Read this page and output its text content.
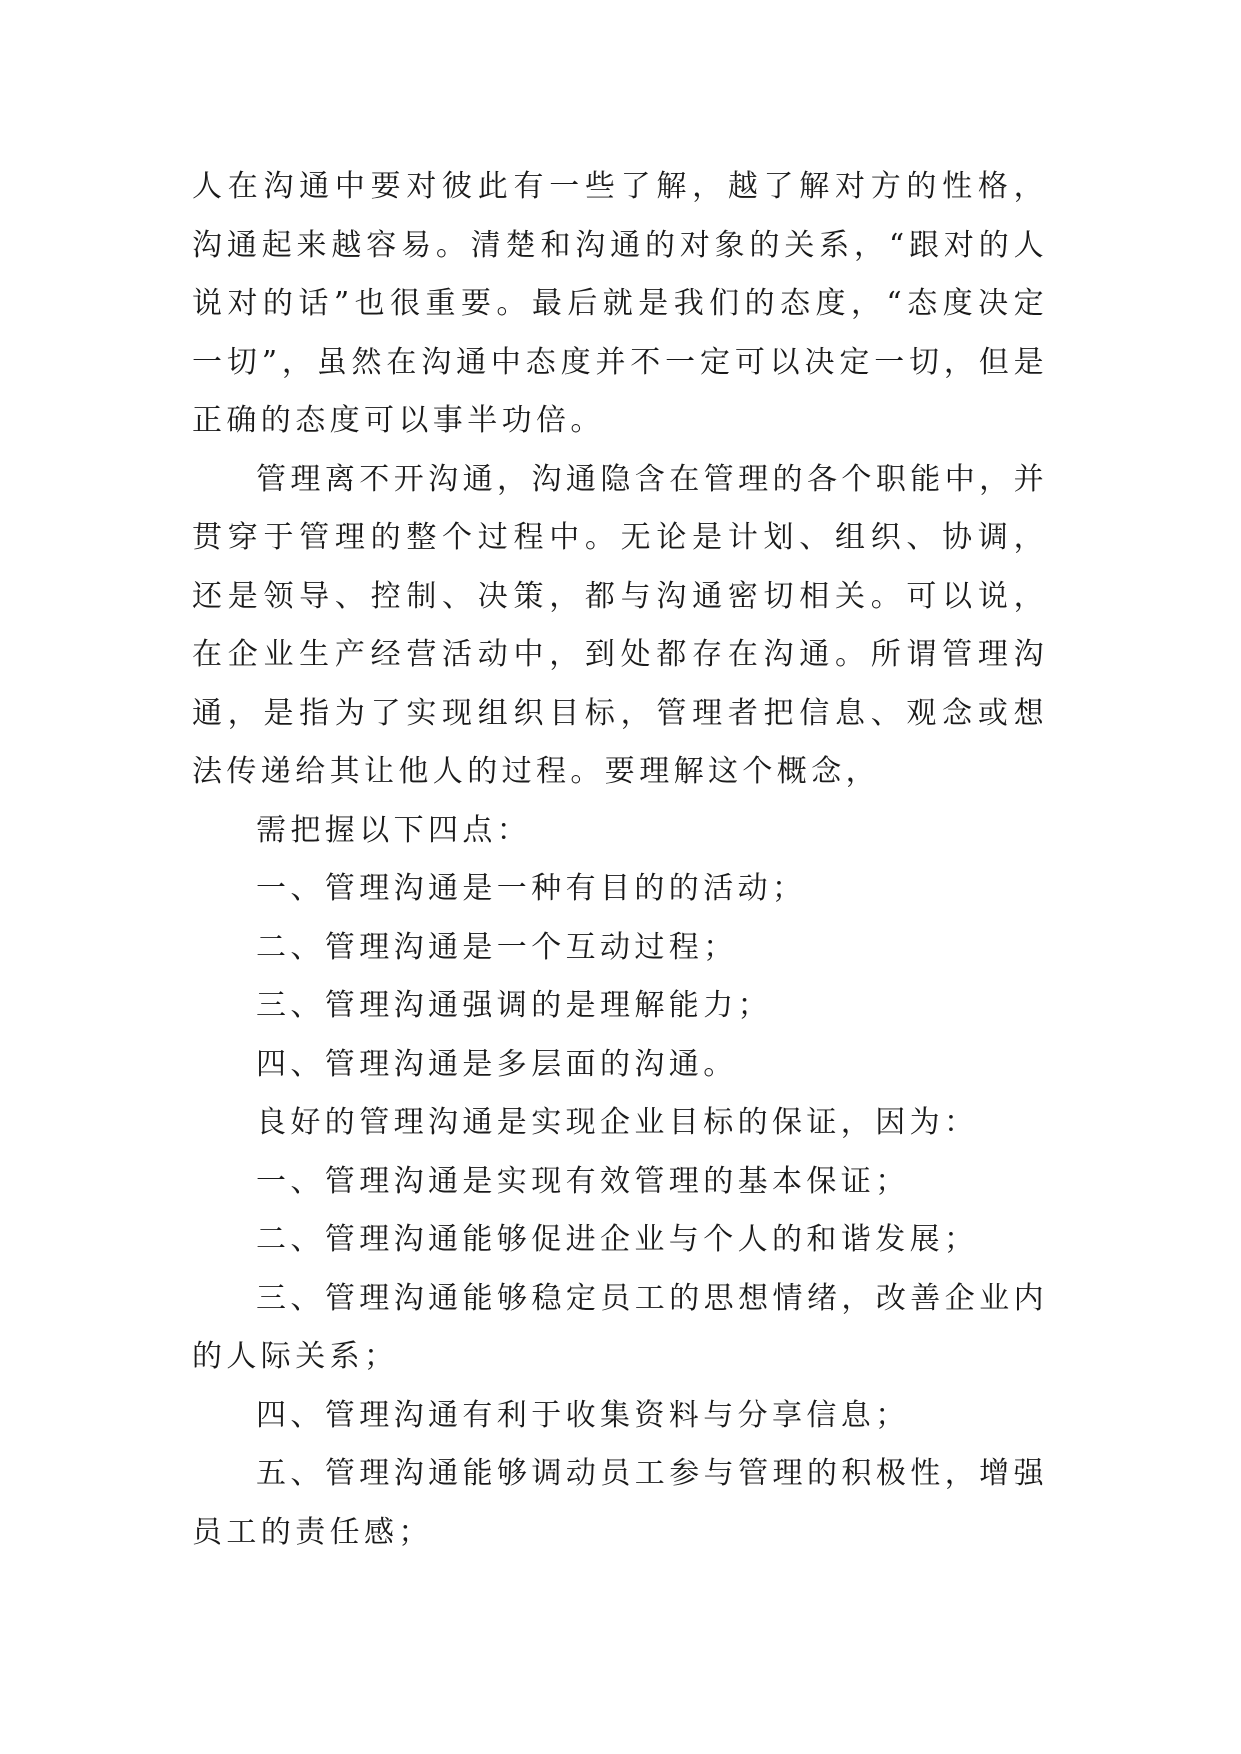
人在沟通中要对彼此有一些了解，越了解对方的性格，沟通起来越容易。清楚和沟通的对象的关系，“跟对的人说对的话”也很重要。最后就是我们的态度，“态度决定一切”，虽然在沟通中态度并不一定可以决定一切，但是正确的态度可以事半功倍。

管理离不开沟通，沟通隐含在管理的各个职能中，并贯穿于管理的整个过程中。无论是计划、组织、协调，还是领导、控制、决策，都与沟通密切相关。可以说，在企业生产经营活动中，到处都存在沟通。所谓管理沟通，是指为了实现组织目标，管理者把信息、观念或想法传递给其让他人的过程。要理解这个概念，

需把握以下四点：

一、管理沟通是一种有目的的活动；

二、管理沟通是一个互动过程；

三、管理沟通强调的是理解能力；

四、管理沟通是多层面的沟通。

良好的管理沟通是实现企业目标的保证，因为：

一、管理沟通是实现有效管理的基本保证；

二、管理沟通能够促进企业与个人的和谐发展；

三、管理沟通能够稳定员工的思想情绪，改善企业内的人际关系；

四、管理沟通有利于收集资料与分享信息；

五、管理沟通能够调动员工参与管理的积极性，增强员工的责任感；
